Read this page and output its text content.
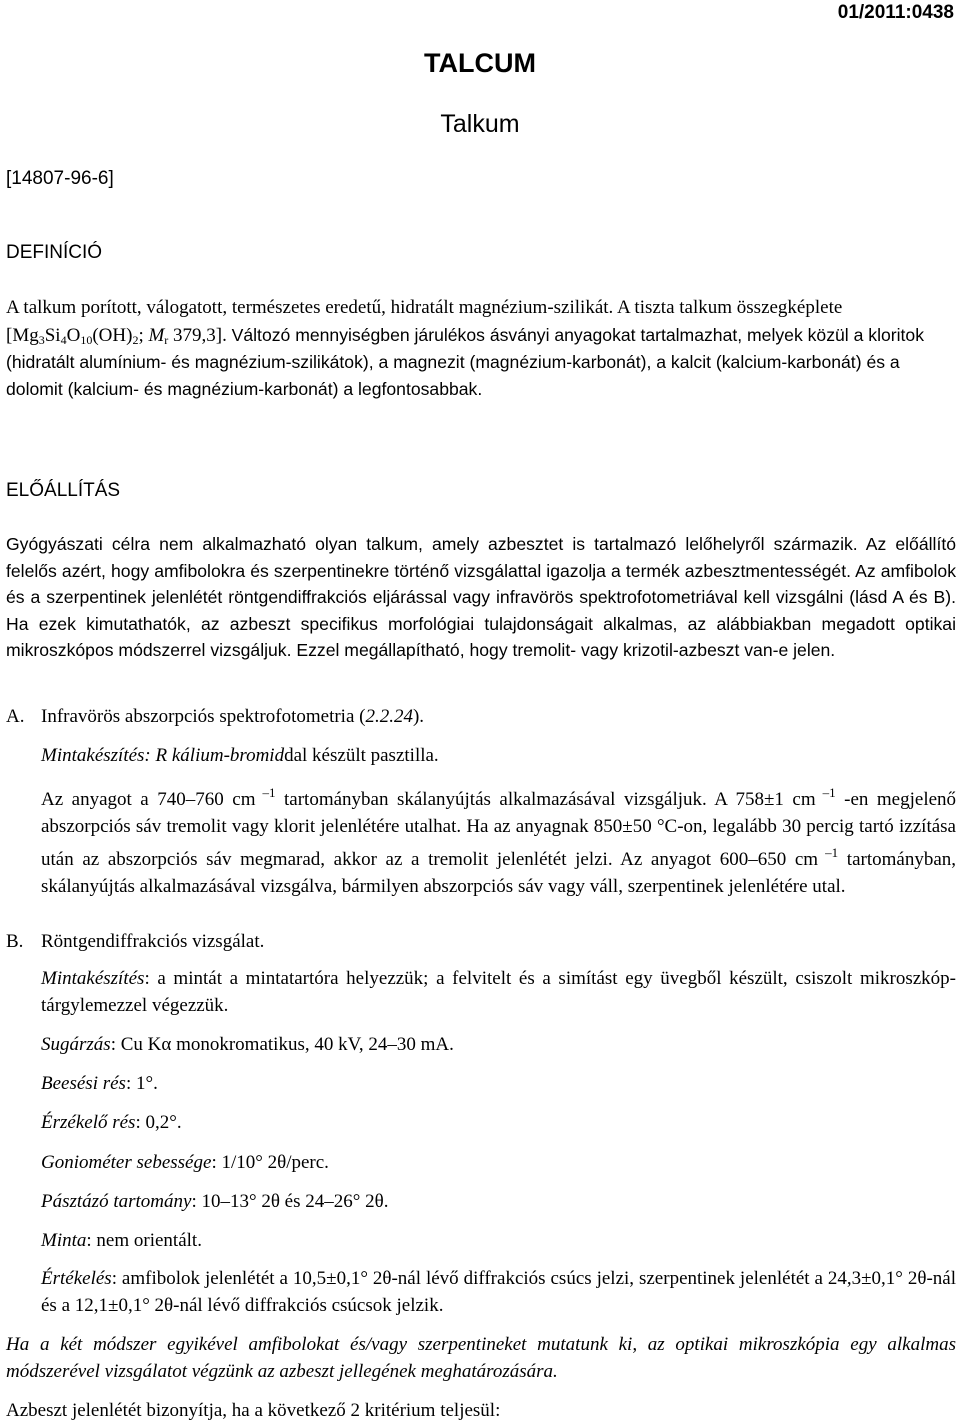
01/2011:0438
TALCUM
Talkum
[14807-96-6]
DEFINÍCIÓ
A talkum porított, válogatott, természetes eredetű, hidratált magnézium-szilikát. A tiszta talkum összegképlete [$Mg_3Si_4O_{10}(OH)_2$; $M_r$ 379,3]. Változó mennyiségben járulékos ásványi anyagokat tartalmazhat, melyek közül a kloritok (hidratált alumínium- és magnézium-szilikátok), a magnezit (magnézium-karbonát), a kalcit (kalcium-karbonát) és a dolomit (kalcium- és magnézium-karbonát) a legfontosabbak.
ELŐÁLLÍTÁS
Gyógyászati célra nem alkalmazható olyan talkum, amely azbesztet is tartalmazó lelőhelyről származik. Az előállító felelős azért, hogy amfibolokra és szerpentinekre történő vizsgálattal igazolja a termék azbesztmentességét. Az amfibolok és a szerpentinek jelenlétét röntgendiffrakciós eljárással vagy infravörös spektrofotometriával kell vizsgálni (lásd A és B). Ha ezek kimutathatók, az azbeszt specifikus morfológiai tulajdonságait alkalmas, az alábbiakban megadott optikai mikroszkópos módszerrel vizsgáljuk. Ezzel megállapítható, hogy tremolit- vagy krizotil-azbeszt van-e jelen.
A. Infravörös abszorpciós spektrofotometria (2.2.24).
Mintakészítés: R kálium-bromiddal készült pasztilla.
Az anyagot a 740–760 cm $^{-1}$ tartományban skálanyújtás alkalmazásával vizsgáljuk. A 758±1 cm $^{-1}$ -en megjelenő abszorpciós sáv tremolit vagy klorit jelenlétére utalhat. Ha az anyagnak 850±50 °C-on, legalább 30 percig tartó izzítása után az abszorpciós sáv megmarad, akkor az a tremolit jelenlétét jelzi. Az anyagot 600–650 cm $^{-1}$ tartományban, skálanyújtás alkalmazásával vizsgálva, bármilyen abszorpciós sáv vagy váll, szerpentinek jelenlétére utal.
B. Röntgendiffrakciós vizsgálat.
Mintakészítés: a mintát a mintatartóra helyezzük; a felvitelt és a simítást egy üvegből készült, csiszolt mikroszkóp-tárgylemezzel végezzük.
Sugárzás: Cu Kα monokromatikus, 40 kV, 24–30 mA.
Beesési rés: 1°.
Érzékelő rés: 0,2°.
Goniométer sebessége: 1/10° 2θ/perc.
Pásztázó tartomány: 10–13° 2θ és 24–26° 2θ.
Minta: nem orientált.
Értékelés: amfibolok jelenlétét a 10,5±0,1° 2θ-nál lévő diffrakciós csúcs jelzi, szerpentinek jelenlétét a 24,3±0,1° 2θ-nál és a 12,1±0,1° 2θ-nál lévő diffrakciós csúcsok jelzik.
Ha a két módszer egyikével amfibolokat és/vagy szerpentineket mutatunk ki, az optikai mikroszkópia egy alkalmas módszerével vizsgálatot végzünk az azbeszt jellegének meghatározására.
Azbeszt jelenlétét bizonyítja, ha a következő 2 kritérium teljesül:
